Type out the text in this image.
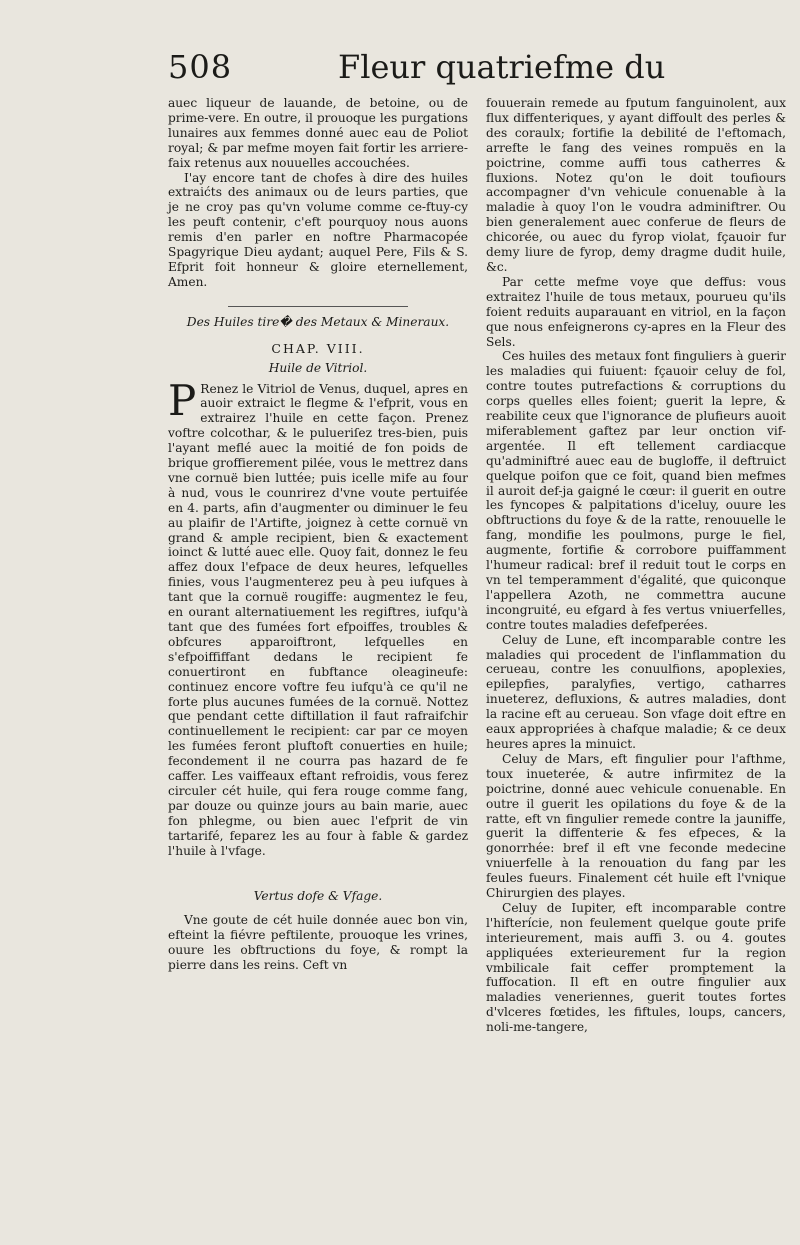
508	Fleur quatriefme du

auec liqueur de lauande, de betoine, ou de prime-vere. En outre, il prouoque les purgations lunaires aux femmes donné auec eau de Poliot royal; & par mefme moyen fait fortir les arriere-faix retenus aux nouuelles accouchées.

I'ay encore tant de chofes à dire des huiles extraićts des animaux ou de leurs parties, que je ne croy pas qu'vn volume comme ce-ftuy-cy les peuft contenir, c'eft pourquoy nous auons remis d'en parler en noftre Pharmacopée Spagyrique Dieu aydant; auquel Pere, Fils & S. Efprit foit honneur & gloire eternellement, Amen.

Des Huiles tire� des Metaux & Mineraux.
CHAP. VIII.
Huile de Vitriol.

P Renez le Vitriol de Venus, duquel, apres en auoir extraict le flegme & l'efprit, vous en extrairez l'huile en cette façon. Prenez voftre colcothar, & le pulueriſez tres-bien, puis l'ayant meflé auec la moitié de fon poids de brique groffierement pilée, vous le mettrez dans vne cornuë bien luttée; puis icelle mife au four à nud, vous le counrirez d'vne voute pertuifée en 4. parts, afin d'augmenter ou diminuer le feu au plaifir de l'Artifte, joignez à cette cornuë vn grand & ample recipient, bien & exactement ioinct & lutté auec elle. Quoy fait, donnez le feu affez doux l'efpace de deux heures, lefquelles finies, vous l'augmenterez peu à peu iufques à tant que la cornuë rougiffe: augmentez le feu, en ourant alternatiuement les regiftres, iufqu'à tant que des fumées fort efpoiffes, troubles & obfcures apparoiftront, lefquelles en s'efpoiffiffant dedans le recipient fe conuertiront en fubftance oleagineufe: continuez encore voftre feu iufqu'à ce qu'il ne forte plus aucunes fumées de la cornuë. Nottez que pendant cette diftillation il faut rafraifchir continuellement le recipient: car par ce moyen les fumées feront pluftoft conuerties en huile; fecondement il ne courra pas hazard de fe caffer. Les vaiffeaux eftant refroidis, vous ferez circuler cét huile, qui fera rouge comme fang, par douze ou quinze jours au bain marie, auec fon phlegme, ou bien auec l'efprit de vin tartarifé, feparez les au four à fable & gardez l'huile à l'vfage.

Vertus dofe & Vfage.

Vne goute de cét huile donnée auec bon vin, efteint la fiévre peftilente, prouoque les vrines, ouure les obftructions du foye, & rompt la pierre dans les reins. Ceft vn

fouuerain remede au fputum fanguinolent, aux flux diffenteriques, y ayant diffoult des perles & des coraulx; fortifie la debilité de l'eftomach, arrefte le fang des veines rompuës en la poictrine, comme auffi tous catherres & fluxions. Notez qu'on le doit toufiours accompagner d'vn vehicule conuenable à la maladie à quoy l'on le voudra adminiftrer. Ou bien generalement auec conferue de fleurs de chicorée, ou auec du fyrop violat, fçauoir fur demy liure de fyrop, demy dragme dudit huile, &c.

Par cette mefme voye que deffus: vous extraitez l'huile de tous metaux, pourueu qu'ils foient reduits auparauant en vitriol, en la façon que nous enfeignerons cy-apres en la Fleur des Sels.

Ces huiles des metaux font finguliers à guerir les maladies qui fuiuent: fçauoir celuy de fol, contre toutes putrefactions & corruptions du corps quelles elles foient; guerit la lepre, & reabilite ceux que l'ignorance de plufieurs auoit miferablement gaftez par leur onction vif-argentée. Il eft tellement cardiacque qu'adminiftré auec eau de bugloffe, il deftruict quelque poifon que ce foit, quand bien mefmes il auroit def-ja gaigné le cœur: il guerit en outre les fyncopes & palpitations d'iceluy, ouure les obftructions du foye & de la ratte, renouuelle le fang, mondifie les poulmons, purge le fiel, augmente, fortifie & corrobore puiffamment l'humeur radical: bref il reduit tout le corps en vn tel temperamment d'égalité, que quiconque l'appellera Azoth, ne commettra aucune incongruité, eu efgard à fes vertus vniuerfelles, contre toutes maladies defefperées.

Celuy de Lune, eft incomparable contre les maladies qui procedent de l'inflammation du cerueau, contre les conuulfions, apoplexies, epilepfies, paralyfies, vertigo, catharres inueterez, defluxions, & autres maladies, dont la racine eft au cerueau. Son vfage doit eftre en eaux appropriées à chafque maladie; & ce deux heures apres la minuict.

Celuy de Mars, eft fingulier pour l'afthme, toux inueterée, & autre infirmitez de la poictrine, donné auec vehicule conuenable. En outre il guerit les opilations du foye & de la ratte, eft vn fingulier remede contre la jauniffe, guerit la diffenterie & fes efpeces, & la gonorrhée: bref il eft vne feconde medecine vniuerfelle à la renouation du fang par les feules fueurs. Finalement cét huile eft l'vnique Chirurgien des playes.

Celuy de Iupiter, eft incomparable contre l'hifterície, non feulement quelque goute prife interieurement, mais auffi 3. ou 4. goutes appliquées exterieurement fur la region vmbilicale fait ceffer promptement la fuffocation. Il eft en outre fingulier aux maladies veneriennes, guerit toutes fortes d'vlceres fœtides, les fiftules, loups, cancers, noli-me-tangere,
